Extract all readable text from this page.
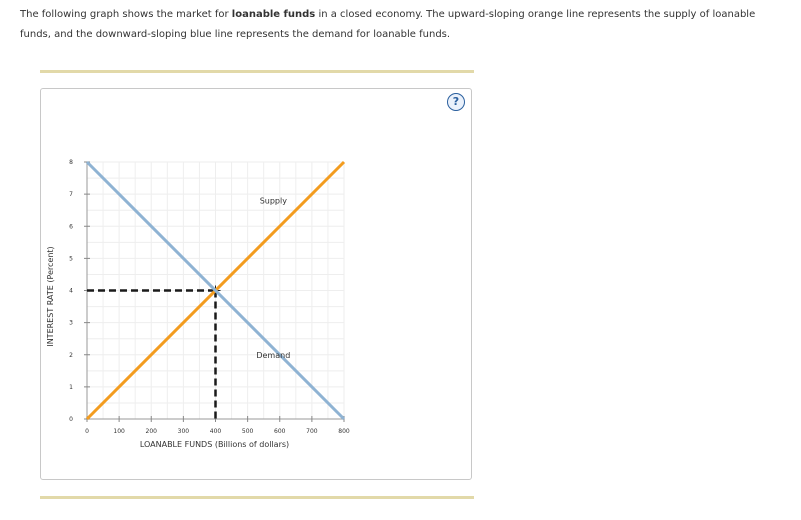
The following graph shows the market for loanable funds in a closed economy. The upward-sloping orange line represents the supply of loanable funds, and the downward-sloping blue line represents the demand for loanable funds.
?
0
1
2
3
4
5
6
7
8
0	100	200	300	400	500	600	700	800
LOANABLE FUNDS (Billions of dollars)
INTEREST RATE (Percent)
Supply
Demand
